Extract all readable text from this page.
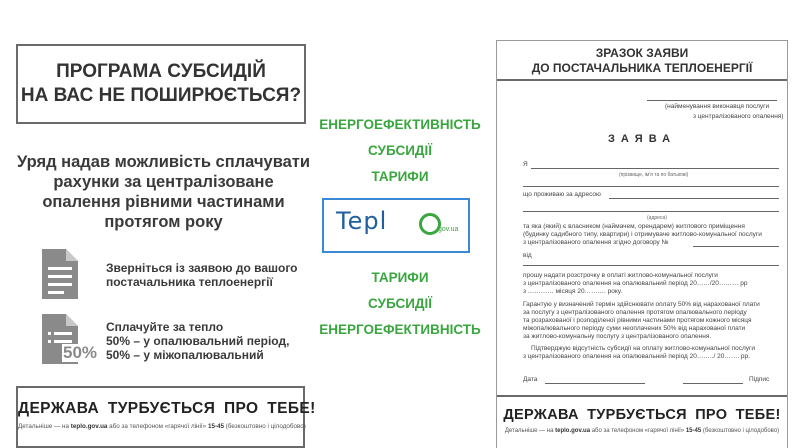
ПРОГРАМА СУБСИДІЙ
НА ВАС НЕ ПОШИРЮЄТЬСЯ?
Уряд надав можливість сплачувати
рахунки за централізоване
опалення рівними частинами
протягом року
Зверніться із заявою до вашого
постачальника теплоенергії
50%
Сплачуйте за тепло
50% – у опалювальний період,
50% – у міжопалювальний
ДЕРЖАВА ТУРБУЄТЬСЯ ПРО ТЕБЕ!
Детальніше — на teplo.gov.ua або за телефоном «гарячої лінії» 15-45 (безкоштовно і цілодобово)
ЕНЕРГОЕФЕКТИВНІСТЬ
СУБСИДІЇ
ТАРИФИ
Tepl	.gov.ua
ТАРИФИ
СУБСИДІЇ
ЕНЕРГОЕФЕКТИВНІСТЬ
ЗРАЗОК ЗАЯВИ
ДО ПОСТАЧАЛЬНИКА ТЕПЛОЕНЕРГІЇ
(найменування виконавця послуги
з централізованого опалення)
ЗАЯВА
Я
(прізвище, ім'я та по батькові)
що проживаю за адресою
(адреса)
та яка (який) є власником (наймачем, орендарем) житлового приміщення
(будинку садибного типу, квартири) і отримуваче житлово-комунальної послуги
з централізованого опалення згідно договору №
від
прошу надати розстрочку в оплаті житлово-комунальної послуги
з централізованого опалення на опалювальний період 20……/20……… рр
з ………… місяця 20………. року.
Гарантую у визначений термін здійснювати оплату 50% від нарахованої плати
за послугу з централізованого опалення протягом опалювального періоду
та розрахованої і розподіленої рівними частинами протягом кожного місяця
міжопалювального періоду суми неоплачених 50% від нарахованої плати
за житлово-комунальну послугу з централізованого опалення.
Підтверджую відсутність субсидії на оплату житлово-комунальної послуги
з централізованого опалення на опалювальний період 20……../ 20……. рр.
Дата	Підпис
ДЕРЖАВА ТУРБУЄТЬСЯ ПРО ТЕБЕ!
Детальніше — на teplo.gov.ua або за телефоном «гарячої лінії» 15-45 (безкоштовно і цілодобово)
